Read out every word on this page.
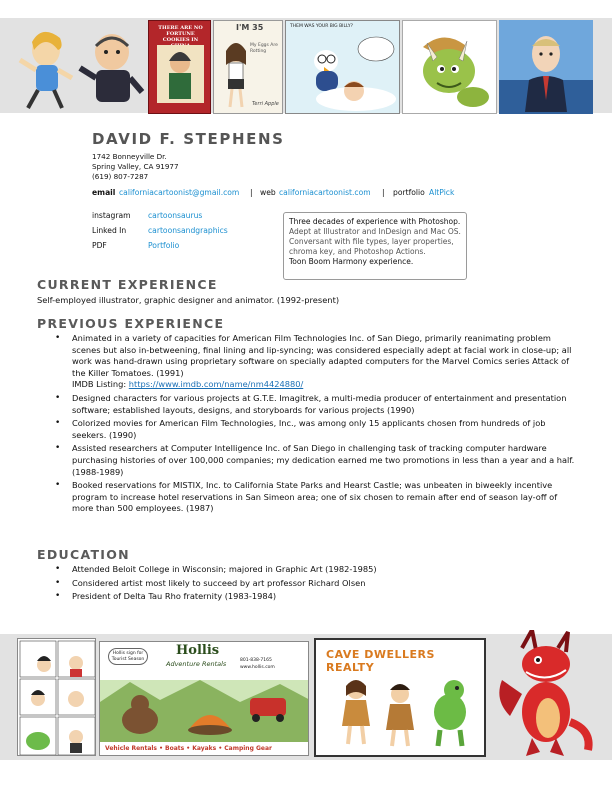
THERE ARE NO FORTUNE COOKIES IN
I'M 35
My Eggs Are Rotting
Terri Apple
THEM WAS YOUR BIG BILLY?
DAVID F. STEPHENS
1742 Bonneyville Dr.
Spring Valley, CA 91977
(619) 807-7287
email californiacartoonist@gmail.com | web californiacartoonist.com | portfolio AltPick
instagram cartoonsaurus
Linked In	cartoonsandgraphics
PDF	Portfolio
Three decades of experience with Photoshop.
Adept at Illustrator and InDesign and Mac OS.
Conversant with file types, layer properties,
chroma key, and Photoshop Actions.
Toon Boom Harmony experience.
CURRENT EXPERIENCE
Self-employed illustrator, graphic designer and animator. (1992-present)
PREVIOUS EXPERIENCE
• Animated in a variety of capacities for American Film Technologies Inc. of San Diego, primarily reanimating problem scenes but also in-betweening, final lining and lip-syncing; was considered especially adept at facial work in close-up; all work was hand-drawn using proprietary software on specially adapted computers for the Marvel Comics series Attack of the Killer Tomatoes. (1991)
IMDB Listing: https://www.imdb.com/name/nm4424880/
• Designed characters for various projects at G.T.E. Imagitrek, a multi-media producer of entertainment and presentation software; established layouts, designs, and storyboards for various projects (1990)
• Colorized movies for American Film Technologies, Inc., was among only 15 applicants chosen from hundreds of job seekers. (1990)
• Assisted researchers at Computer Intelligence Inc. of San Diego in challenging task of tracking computer hardware purchasing histories of over 100,000 companies; my dedication earned me two promotions in less than a year and a half. (1988-1989)
• Booked reservations for MISTIX, Inc. to California State Parks and Hearst Castle; was unbeaten in biweekly incentive program to increase hotel reservations in San Simeon area; one of six chosen to remain after end of season lay-off of more than 500 employees. (1987)
EDUCATION
• Attended Beloit College in Wisconsin; majored in Graphic Art (1982-1985)
• Considered artist most likely to succeed by art professor Richard Olsen
• President of Delta Tau Rho fraternity (1983-1984)
Hollis sign for Tourist Season
Hollis
Adventure Rentals	801-838-7165
www.hollis.com
Vehicle Rentals • Boats • Kayaks • Camping Gear
CAVE DWELLERS REALTY
